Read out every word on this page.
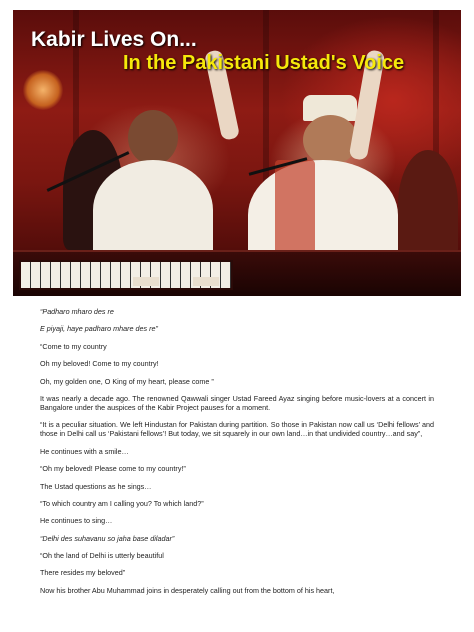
Kabir Lives On...
In the Pakistani Ustad's Voice

“Padharo mharo des re

E piyaji, haye padharo mhare des re”

“Come to my country

Oh my beloved! Come to my country!

Oh, my golden one, O King of my heart, please come ”

It was nearly a decade ago. The renowned Qawwali singer Ustad Fareed Ayaz singing before music-lovers at a concert in Bangalore under the auspices of the Kabir Project pauses for a moment.

“It is a peculiar situation. We left Hindustan for Pakistan during partition. So those in Pakistan now call us ‘Delhi fellows’ and those in Delhi call us ‘Pakistani fellows’! But today, we sit squarely in our own land…in that undivided country…and say”,

He continues with a smile…

“Oh my beloved! Please come to my country!”

The Ustad questions as he sings…

“To which country am I calling you? To which land?”

He continues to sing…

“Delhi des suhavanu so jaha base diladar”

“Oh the land of Delhi is utterly beautiful

There resides my beloved”

Now his brother Abu Muhammad joins in desperately calling out from the bottom of his heart,
